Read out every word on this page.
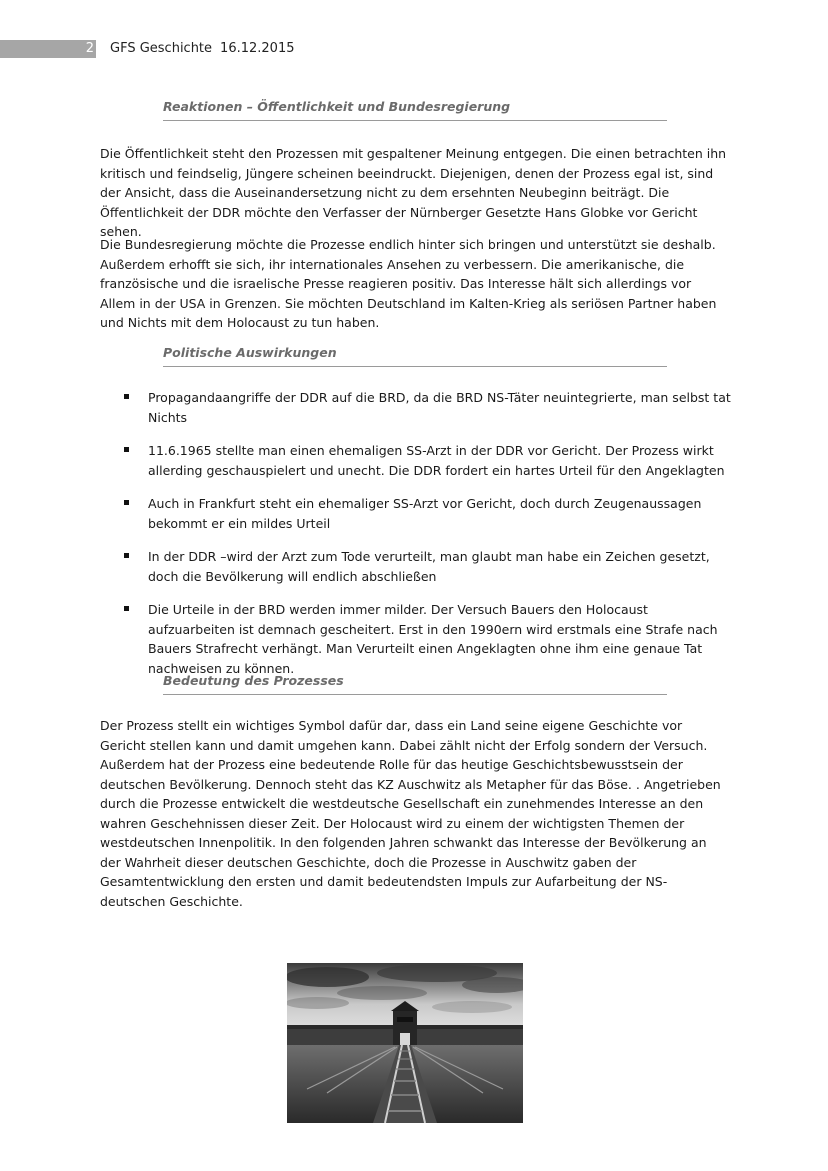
2 GFS Geschichte 16.12.2015
Reaktionen – Öffentlichkeit und Bundesregierung

Die Öffentlichkeit steht den Prozessen mit gespaltener Meinung entgegen. Die einen betrachten ihn kritisch und feindselig, Jüngere scheinen beeindruckt. Diejenigen, denen der Prozess egal ist, sind der Ansicht, dass die Auseinandersetzung nicht zu dem ersehnten Neubeginn beiträgt. Die Öffentlichkeit der DDR möchte den Verfasser der Nürnberger Gesetzte Hans Globke vor Gericht sehen.

Die Bundesregierung möchte die Prozesse endlich hinter sich bringen und unterstützt sie deshalb. Außerdem erhofft sie sich, ihr internationales Ansehen zu verbessern. Die amerikanische, die französische und die israelische Presse reagieren positiv. Das Interesse hält sich allerdings vor Allem in der USA in Grenzen. Sie möchten Deutschland im Kalten-Krieg als seriösen Partner haben und Nichts mit dem Holocaust zu tun haben.

Politische Auswirkungen
Propagandaangriffe der DDR auf die BRD, da die BRD NS-Täter neuintegrierte, man selbst tat Nichts
11.6.1965 stellte man einen ehemaligen SS-Arzt in der DDR vor Gericht. Der Prozess wirkt allerding geschauspielert und unecht. Die DDR fordert ein hartes Urteil für den Angeklagten
Auch in Frankfurt steht ein ehemaliger SS-Arzt vor Gericht, doch durch Zeugenaussagen bekommt er ein mildes Urteil
In der DDR –wird der Arzt zum Tode verurteilt, man glaubt man habe ein Zeichen gesetzt, doch die Bevölkerung will endlich abschließen
Die Urteile in der BRD werden immer milder. Der Versuch Bauers den Holocaust aufzuarbeiten ist demnach gescheitert. Erst in den 1990ern wird erstmals eine Strafe nach Bauers Strafrecht verhängt. Man Verurteilt einen Angeklagten ohne ihm eine genaue Tat nachweisen zu können.
Bedeutung des Prozesses

Der Prozess stellt ein wichtiges Symbol dafür dar, dass ein Land seine eigene Geschichte vor Gericht stellen kann und damit umgehen kann. Dabei zählt nicht der Erfolg sondern der Versuch. Außerdem hat der Prozess eine bedeutende Rolle für das heutige Geschichtsbewusstsein der deutschen Bevölkerung. Dennoch steht das KZ Auschwitz als Metapher für das Böse. . Angetrieben durch die Prozesse entwickelt die westdeutsche Gesellschaft ein zunehmendes Interesse an den wahren Geschehnissen dieser Zeit. Der Holocaust wird zu einem der wichtigsten Themen der westdeutschen Innenpolitik. In den folgenden Jahren schwankt das Interesse der Bevölkerung an der Wahrheit dieser deutschen Geschichte, doch die Prozesse in Auschwitz gaben der Gesamtentwicklung den ersten und damit bedeutendsten Impuls zur Aufarbeitung der NS-deutschen Geschichte.
